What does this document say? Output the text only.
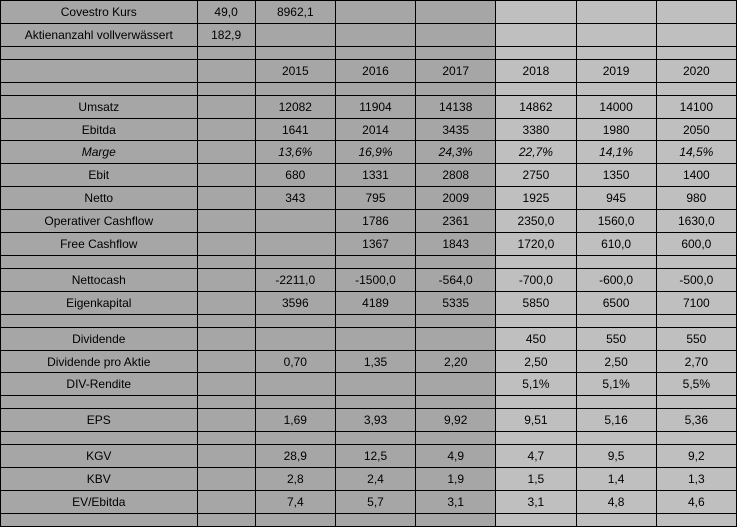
Covestro Kurs	49,0	8962,1					
Aktienanzahl vollverwässert	182,9						

		2015	2016	2017	2018	2019	2020

Umsatz		12082	11904	14138	14862	14000	14100
Ebitda		1641	2014	3435	3380	1980	2050
Marge		13,6%	16,9%	24,3%	22,7%	14,1%	14,5%
Ebit		680	1331	2808	2750	1350	1400
Netto		343	795	2009	1925	945	980
Operativer Cashflow			1786	2361	2350,0	1560,0	1630,0
Free Cashflow			1367	1843	1720,0	610,0	600,0

Nettocash		-2211,0	-1500,0	-564,0	-700,0	-600,0	-500,0
Eigenkapital		3596	4189	5335	5850	6500	7100

Dividende					450	550	550
Dividende pro Aktie		0,70	1,35	2,20	2,50	2,50	2,70
DIV-Rendite					5,1%	5,1%	5,5%

EPS		1,69	3,93	9,92	9,51	5,16	5,36

KGV		28,9	12,5	4,9	4,7	9,5	9,2
KBV		2,8	2,4	1,9	1,5	1,4	1,3
EV/Ebitda		7,4	5,7	3,1	3,1	4,8	4,6
